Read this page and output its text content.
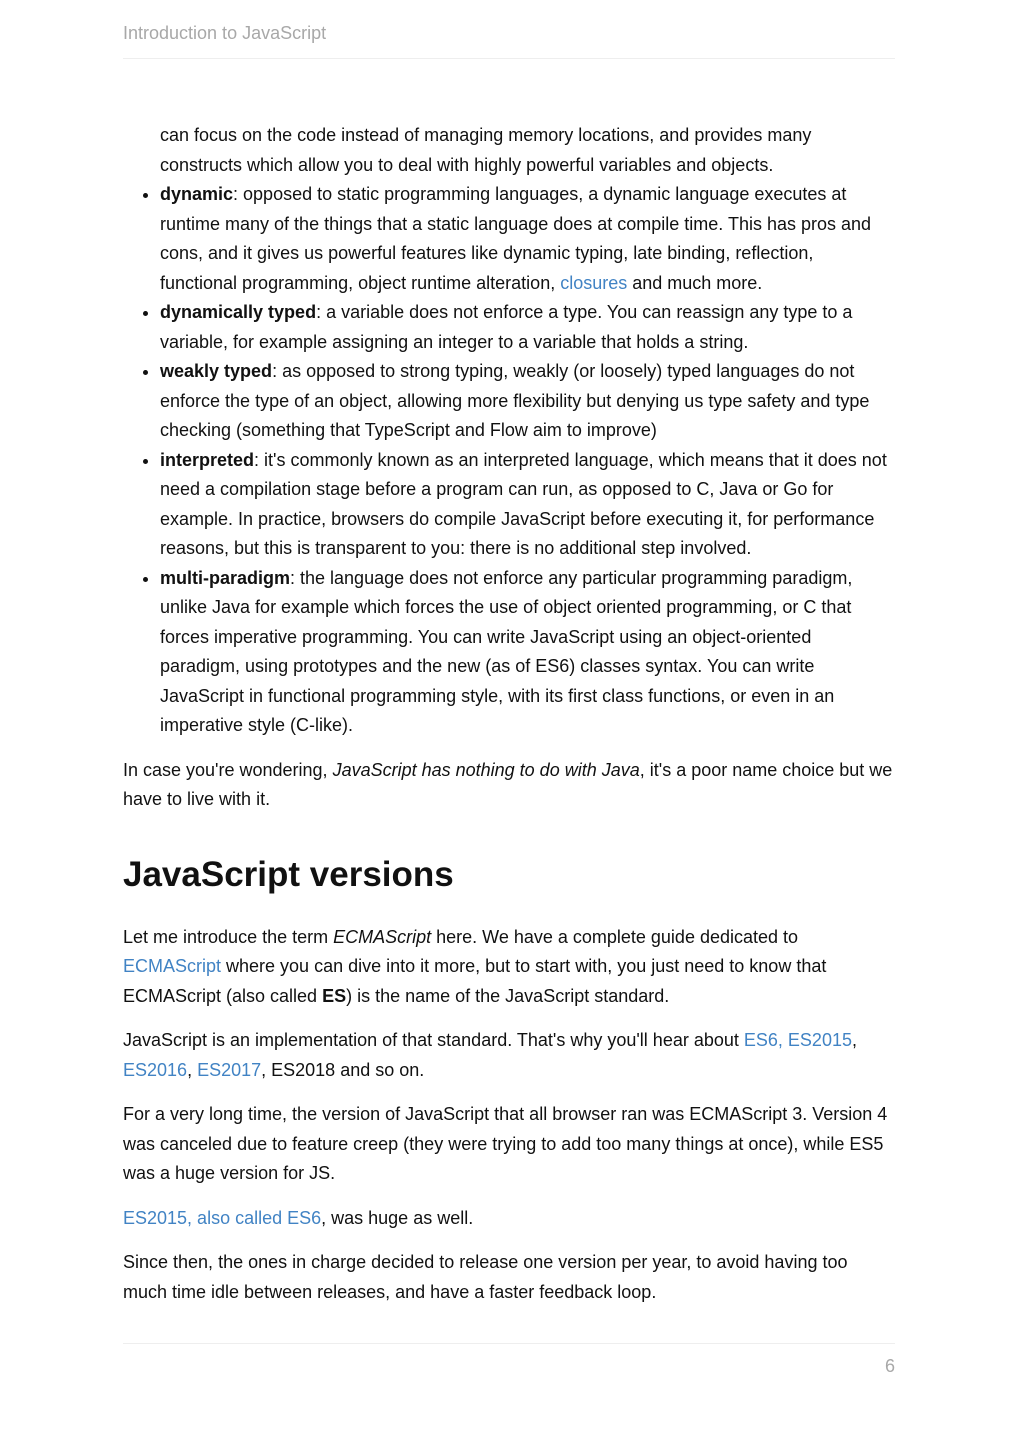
Introduction to JavaScript

can focus on the code instead of managing memory locations, and provides many constructs which allow you to deal with highly powerful variables and objects.

• dynamic: opposed to static programming languages, a dynamic language executes at runtime many of the things that a static language does at compile time. This has pros and cons, and it gives us powerful features like dynamic typing, late binding, reflection, functional programming, object runtime alteration, closures and much more.
• dynamically typed: a variable does not enforce a type. You can reassign any type to a variable, for example assigning an integer to a variable that holds a string.
• weakly typed: as opposed to strong typing, weakly (or loosely) typed languages do not enforce the type of an object, allowing more flexibility but denying us type safety and type checking (something that TypeScript and Flow aim to improve)
• interpreted: it's commonly known as an interpreted language, which means that it does not need a compilation stage before a program can run, as opposed to C, Java or Go for example. In practice, browsers do compile JavaScript before executing it, for performance reasons, but this is transparent to you: there is no additional step involved.
• multi-paradigm: the language does not enforce any particular programming paradigm, unlike Java for example which forces the use of object oriented programming, or C that forces imperative programming. You can write JavaScript using an object-oriented paradigm, using prototypes and the new (as of ES6) classes syntax. You can write JavaScript in functional programming style, with its first class functions, or even in an imperative style (C-like).

In case you're wondering, JavaScript has nothing to do with Java, it's a poor name choice but we have to live with it.

JavaScript versions

Let me introduce the term ECMAScript here. We have a complete guide dedicated to ECMAScript where you can dive into it more, but to start with, you just need to know that ECMAScript (also called ES) is the name of the JavaScript standard.

JavaScript is an implementation of that standard. That's why you'll hear about ES6, ES2015, ES2016, ES2017, ES2018 and so on.

For a very long time, the version of JavaScript that all browser ran was ECMAScript 3. Version 4 was canceled due to feature creep (they were trying to add too many things at once), while ES5 was a huge version for JS.

ES2015, also called ES6, was huge as well.

Since then, the ones in charge decided to release one version per year, to avoid having too much time idle between releases, and have a faster feedback loop.

6
